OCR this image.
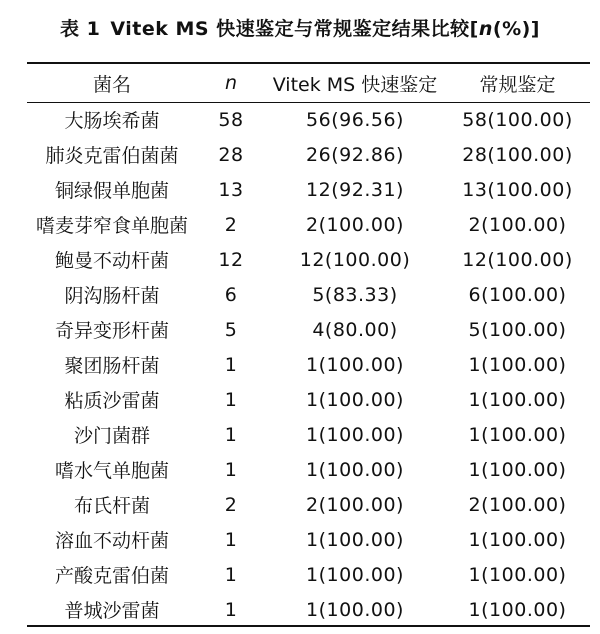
表 1 Vitek MS 快速鉴定与常规鉴定结果比较[n(%)]
菌名	n	Vitek MS 快速鉴定	常规鉴定
大肠埃希菌	58	56(96.56)	58(100.00)
肺炎克雷伯菌菌	28	26(92.86)	28(100.00)
铜绿假单胞菌	13	12(92.31)	13(100.00)
嗜麦芽窄食单胞菌	2	2(100.00)	2(100.00)
鲍曼不动杆菌	12	12(100.00)	12(100.00)
阴沟肠杆菌	6	5(83.33)	6(100.00)
奇异变形杆菌	5	4(80.00)	5(100.00)
聚团肠杆菌	1	1(100.00)	1(100.00)
粘质沙雷菌	1	1(100.00)	1(100.00)
沙门菌群	1	1(100.00)	1(100.00)
嗜水气单胞菌	1	1(100.00)	1(100.00)
布氏杆菌	2	2(100.00)	2(100.00)
溶血不动杆菌	1	1(100.00)	1(100.00)
产酸克雷伯菌	1	1(100.00)	1(100.00)
普城沙雷菌	1	1(100.00)	1(100.00)
